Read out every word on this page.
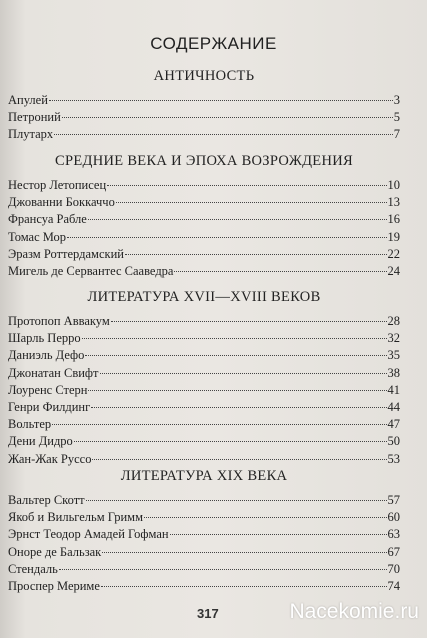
СОДЕРЖАНИЕ
АНТИЧНОСТЬ
Апулей	3
Петроний	5
Плутарх	7
СРЕДНИЕ ВЕКА И ЭПОХА ВОЗРОЖДЕНИЯ
Нестор Летописец	10
Джованни Боккаччо	13
Франсуа Рабле	16
Томас Мор	19
Эразм Роттердамский	22
Мигель де Сервантес Сааведра	24
ЛИТЕРАТУРА XVII—XVIII ВЕКОВ
Протопоп Аввакум	28
Шарль Перро	32
Даниэль Дефо	35
Джонатан Свифт	38
Лоуренс Стерн	41
Генри Филдинг	44
Вольтер	47
Дени Дидро	50
Жан-Жак Руссо	53
ЛИТЕРАТУРА XIX ВЕКА
Вальтер Скотт	57
Якоб и Вильгельм Гримм	60
Эрнст Теодор Амадей Гофман	63
Оноре де Бальзак	67
Стендаль	70
Проспер Мериме	74
317	Nacekomie.ru
